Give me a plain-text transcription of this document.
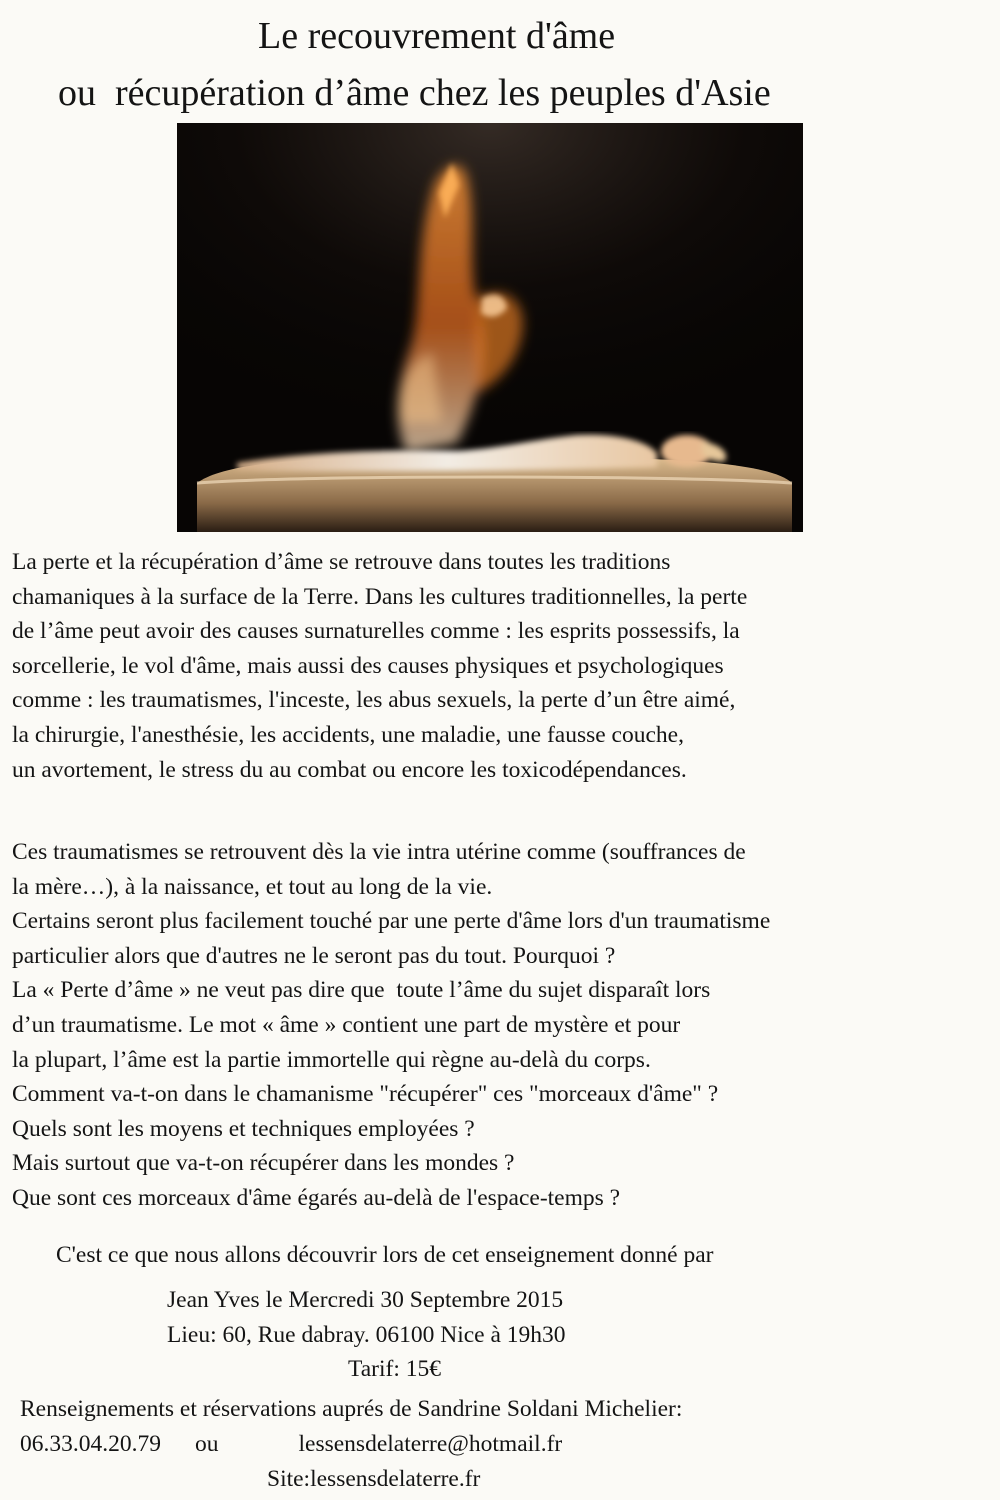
Le recouvrement d'âme
ou  récupération d’âme chez les peuples d'Asie
La perte et la récupération d’âme se retrouve dans toutes les traditions
chamaniques à la surface de la Terre. Dans les cultures traditionnelles, la perte
de l’âme peut avoir des causes surnaturelles comme : les esprits possessifs, la
sorcellerie, le vol d'âme, mais aussi des causes physiques et psychologiques
comme : les traumatismes, l'inceste, les abus sexuels, la perte d’un être aimé,
la chirurgie, l'anesthésie, les accidents, une maladie, une fausse couche,
un avortement, le stress du au combat ou encore les toxicodépendances.
Ces traumatismes se retrouvent dès la vie intra utérine comme (souffrances de
la mère…), à la naissance, et tout au long de la vie.
Certains seront plus facilement touché par une perte d'âme lors d'un traumatisme
particulier alors que d'autres ne le seront pas du tout. Pourquoi ?
La « Perte d’âme » ne veut pas dire que  toute l’âme du sujet disparaît lors
d’un traumatisme. Le mot « âme » contient une part de mystère et pour
la plupart, l’âme est la partie immortelle qui règne au-delà du corps.
Comment va-t-on dans le chamanisme "récupérer" ces "morceaux d'âme" ?
Quels sont les moyens et techniques employées ?
Mais surtout que va-t-on récupérer dans les mondes ?
Que sont ces morceaux d'âme égarés au-delà de l'espace-temps ?

C'est ce que nous allons découvrir lors de cet enseignement donné par

Jean Yves le Mercredi 30 Septembre 2015

Lieu: 60, Rue dabray. 06100 Nice à 19h30

Tarif: 15€

Renseignements et réservations auprés de Sandrine Soldani Michelier:

06.33.04.20.79 ou	lessensdelaterre@hotmail.fr

Site:lessensdelaterre.fr
